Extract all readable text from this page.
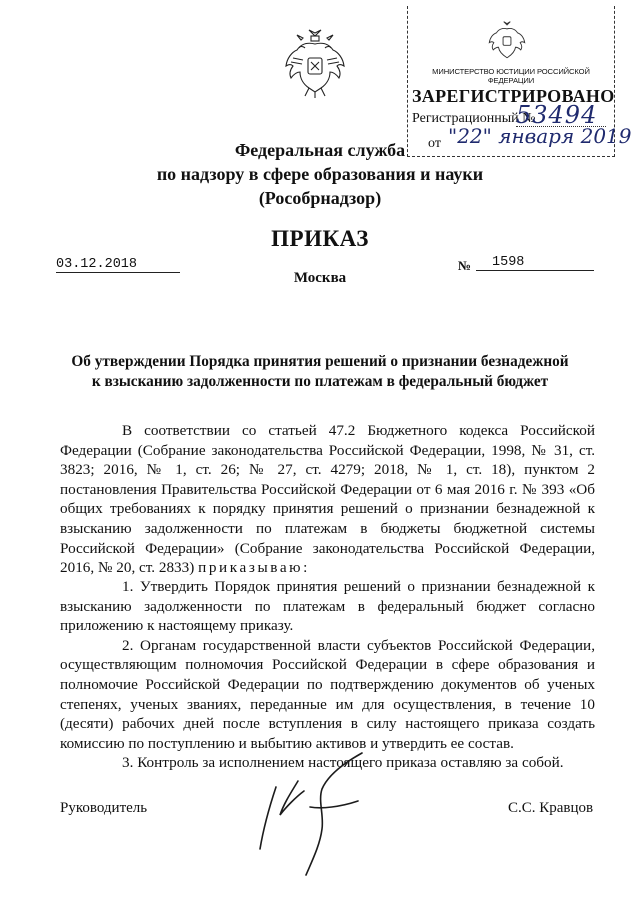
МИНИСТЕРСТВО ЮСТИЦИИ РОССИЙСКОЙ ФЕДЕРАЦИИ
ЗАРЕГИСТРИРОВАНО
Регистрационный №
53494
от "22" января 2019
Федеральная служба
по надзору в сфере образования и науки
(Рособрнадзор)
ПРИКАЗ
03.12.2018	№	1598
Москва
Об утверждении Порядка принятия решений о признании безнадежной
к взысканию задолженности по платежам в федеральный бюджет

В соответствии со статьей 47.2 Бюджетного кодекса Российской Федерации (Собрание законодательства Российской Федерации, 1998, № 31, ст. 3823; 2016, № 1, ст. 26; № 27, ст. 4279; 2018, № 1, ст. 18), пунктом 2 постановления Правительства Российской Федерации от 6 мая 2016 г. № 393 «Об общих требованиях к порядку принятия решений о признании безнадежной к взысканию задолженности по платежам в бюджеты бюджетной системы Российской Федерации» (Собрание законодательства Российской Федерации, 2016, № 20, ст. 2833) приказываю:

1. Утвердить Порядок принятия решений о признании безнадежной к взысканию задолженности по платежам в федеральный бюджет согласно приложению к настоящему приказу.

2. Органам государственной власти субъектов Российской Федерации, осуществляющим полномочия Российской Федерации в сфере образования и полномочие Российской Федерации по подтверждению документов об ученых степенях, ученых званиях, переданные им для осуществления, в течение 10 (десяти) рабочих дней после вступления в силу настоящего приказа создать комиссию по поступлению и выбытию активов и утвердить ее состав.

3. Контроль за исполнением настоящего приказа оставляю за собой.

Руководитель	С.С. Кравцов
